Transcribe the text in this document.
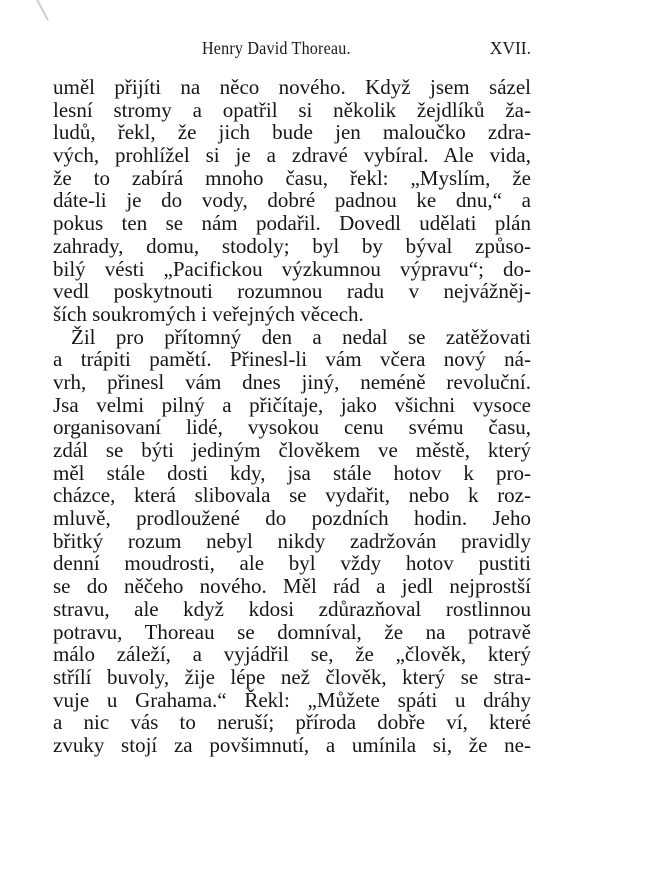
Henry David Thoreau.	XVII.
uměl přijíti na něco nového. Když jsem sázel
lesní stromy a opatřil si několik žejdlíků ža-
ludů, řekl, že jich bude jen maloučko zdra-
vých, prohlížel si je a zdravé vybíral. Ale vida,
že to zabírá mnoho času, řekl: „Myslím, že
dáte-li je do vody, dobré padnou ke dnu,“ a
pokus ten se nám podařil. Dovedl udělati plán
zahrady, domu, stodoly; byl by býval způso-
bilý vésti „Pacifickou výzkumnou výpravu“; do-
vedl poskytnouti rozumnou radu v nejvážněj-
ších soukromých i veřejných věcech.
Žil pro přítomný den a nedal se zatěžovati
a trápiti pamětí. Přinesl-li vám včera nový ná-
vrh, přinesl vám dnes jiný, neméně revoluční.
Jsa velmi pilný a přičítaje, jako všichni vysoce
organisovaní lidé, vysokou cenu svému času,
zdál se býti jediným člověkem ve městě, který
měl stále dosti kdy, jsa stále hotov k pro-
cházce, která slibovala se vydařit, nebo k roz-
mluvě, prodloužené do pozdních hodin. Jeho
břitký rozum nebyl nikdy zadržován pravidly
denní moudrosti, ale byl vždy hotov pustiti
se do něčeho nového. Měl rád a jedl nejprostší
stravu, ale když kdosi zdůrazňoval rostlinnou
potravu, Thoreau se domníval, že na potravě
málo záleží, a vyjádřil se, že „člověk, který
střílí buvoly, žije lépe než člověk, který se stra-
vuje u Grahama.“ Řekl: „Můžete spáti u dráhy
a nic vás to neruší; příroda dobře ví, které
zvuky stojí za povšimnutí, a umínila si, že ne-
